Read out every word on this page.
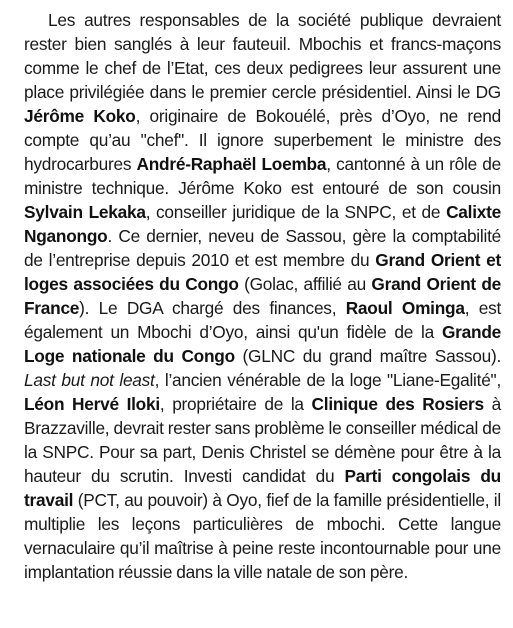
Les autres responsables de la société publique devraient rester bien sanglés à leur fauteuil. Mbochis et francs-maçons comme le chef de l’Etat, ces deux pedigrees leur assurent une place privilégiée dans le premier cercle présidentiel. Ainsi le DG Jérôme Koko, originaire de Bokouélé, près d’Oyo, ne rend compte qu’au "chef". Il ignore superbement le ministre des hydrocarbures André-Raphaël Loemba, cantonné à un rôle de ministre technique. Jérôme Koko est entouré de son cousin Sylvain Lekaka, conseiller juridique de la SNPC, et de Calixte Nganongo. Ce dernier, neveu de Sassou, gère la comptabilité de l’entreprise depuis 2010 et est membre du Grand Orient et loges associées du Congo (Golac, affilié au Grand Orient de France). Le DGA chargé des finances, Raoul Ominga, est également un Mbochi d’Oyo, ainsi qu'un fidèle de la Grande Loge nationale du Congo (GLNC du grand maître Sassou). Last but not least, l’ancien vénérable de la loge "Liane-Egalité", Léon Hervé Iloki, propriétaire de la Clinique des Rosiers à Brazzaville, devrait rester sans problème le conseiller médical de la SNPC. Pour sa part, Denis Christel se démène pour être à la hauteur du scrutin. Investi candidat du Parti congolais du travail (PCT, au pouvoir) à Oyo, fief de la famille présidentielle, il multiplie les leçons particulières de mbochi. Cette langue vernaculaire qu’il maîtrise à peine reste incontournable pour une implantation réussie dans la ville natale de son père.
